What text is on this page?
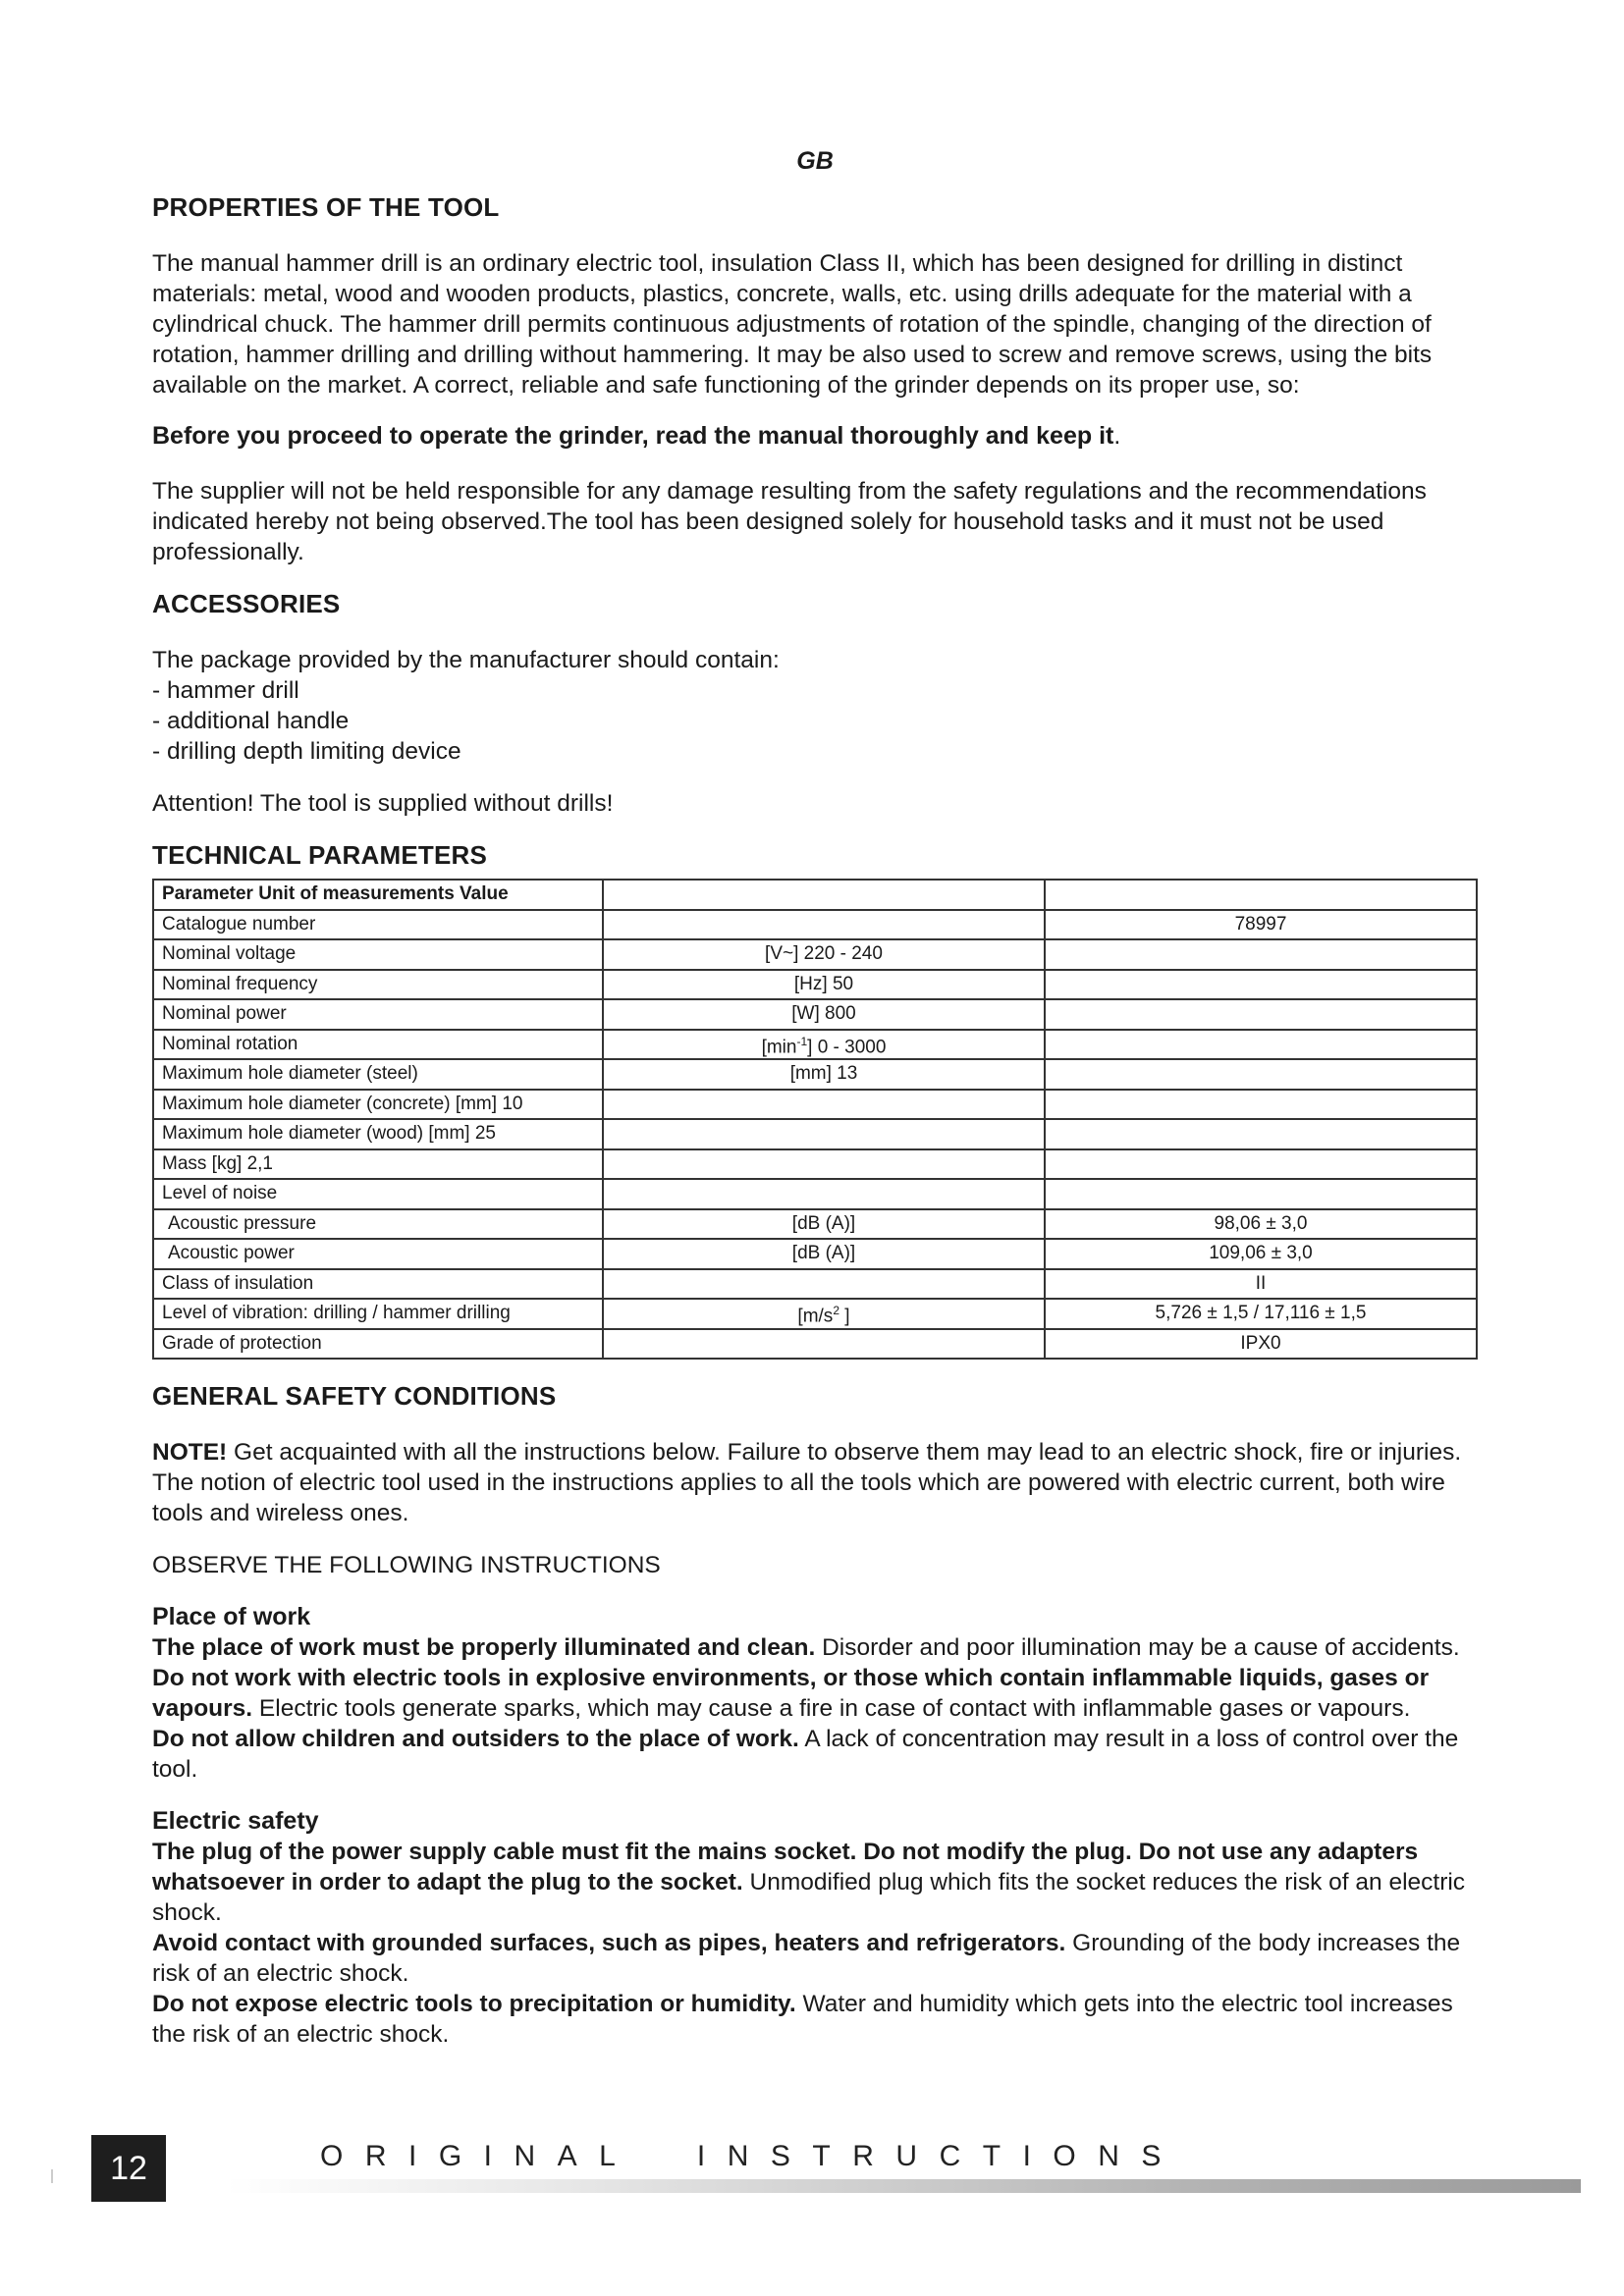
GB
PROPERTIES OF THE TOOL

The manual hammer drill is an ordinary electric tool, insulation Class II, which has been designed for drilling in distinct materials: metal, wood and wooden products, plastics, concrete, walls, etc. using drills adequate for the material with a cylindrical chuck. The hammer drill permits continuous adjustments of rotation of the spindle, changing of the direction of rotation, hammer drilling and drilling without hammering. It may be also used to screw and remove screws, using the bits available on the market. A correct, reliable and safe functioning of the grinder depends on its proper use, so:

Before you proceed to operate the grinder, read the manual thoroughly and keep it.

The supplier will not be held responsible for any damage resulting from the safety regulations and the recommendations indicated hereby not being observed.The tool has been designed solely for household tasks and it must not be used professionally.

ACCESSORIES
The package provided by the manufacturer should contain:
- hammer drill
- additional handle
- drilling depth limiting device

Attention! The tool is supplied without drills!

TECHNICAL PARAMETERS
Parameter Unit of measurements Value		
Catalogue number		78997
Nominal voltage	[V~] 220 - 240	
Nominal frequency	[Hz] 50	
Nominal power	[W] 800	
Nominal rotation	$[\min^{-1}]$ 0 - 3000	
Maximum hole diameter (steel)	[mm] 13	
Maximum hole diameter (concrete) [mm] 10		
Maximum hole diameter (wood) [mm] 25		
Mass [kg] 2,1		
Level of noise		
Acoustic pressure	[dB (A)]	98,06 ± 3,0
Acoustic power	[dB (A)]	109,06 ± 3,0
Class of insulation		II
Level of vibration: drilling / hammer drilling	[$m/s^2$ ]	5,726 ± 1,5 / 17,116 ± 1,5
Grade of protection		IPX0
GENERAL SAFETY CONDITIONS

NOTE! Get acquainted with all the instructions below. Failure to observe them may lead to an electric shock, fire or injuries. The notion of electric tool used in the instructions applies to all the tools which are powered with electric current, both wire tools and wireless ones.

OBSERVE THE FOLLOWING INSTRUCTIONS

Place of work
The place of work must be properly illuminated and clean. Disorder and poor illumination may be a cause of accidents.
Do not work with electric tools in explosive environments, or those which contain inflammable liquids, gases or vapours. Electric tools generate sparks, which may cause a fire in case of contact with inflammable gases or vapours.
Do not allow children and outsiders to the place of work. A lack of concentration may result in a loss of control over the tool.
Electric safety
The plug of the power supply cable must fit the mains socket. Do not modify the plug. Do not use any adapters whatsoever in order to adapt the plug to the socket. Unmodified plug which fits the socket reduces the risk of an electric shock.
Avoid contact with grounded surfaces, such as pipes, heaters and refrigerators. Grounding of the body increases the risk of an electric shock.
Do not expose electric tools to precipitation or humidity. Water and humidity which gets into the electric tool increases the risk of an electric shock.
12	ORIGINAL  INSTRUCTIONS
